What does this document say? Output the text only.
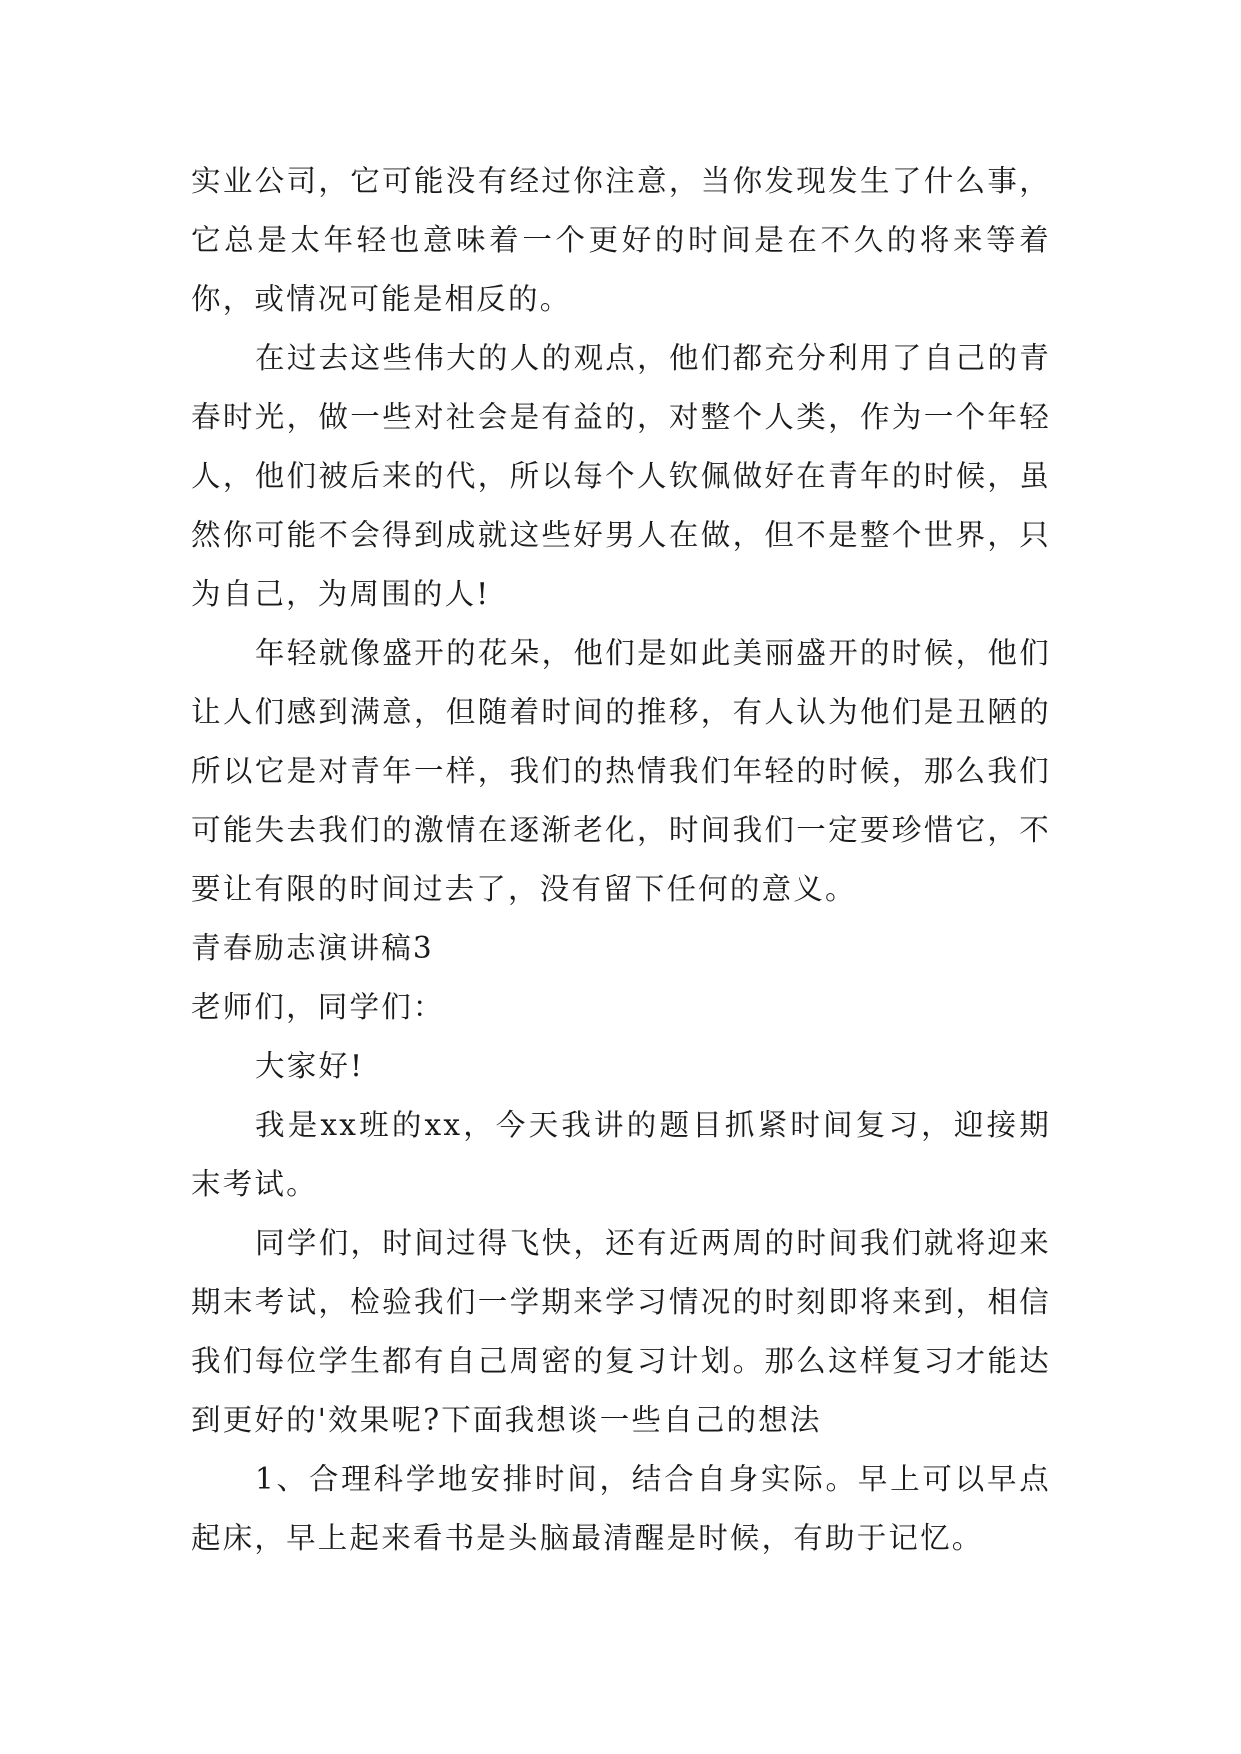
实业公司，它可能没有经过你注意，当你发现发生了什么事，它总是太年轻也意味着一个更好的时间是在不久的将来等着你，或情况可能是相反的。

在过去这些伟大的人的观点，他们都充分利用了自己的青春时光，做一些对社会是有益的，对整个人类，作为一个年轻人，他们被后来的代，所以每个人钦佩做好在青年的时候，虽然你可能不会得到成就这些好男人在做，但不是整个世界，只为自己，为周围的人!

年轻就像盛开的花朵，他们是如此美丽盛开的时候，他们让人们感到满意，但随着时间的推移，有人认为他们是丑陋的所以它是对青年一样，我们的热情我们年轻的时候，那么我们可能失去我们的激情在逐渐老化，时间我们一定要珍惜它，不要让有限的时间过去了，没有留下任何的意义。

青春励志演讲稿3

老师们，同学们：

大家好!

我是xx班的xx，今天我讲的题目抓紧时间复习，迎接期末考试。

同学们，时间过得飞快，还有近两周的时间我们就将迎来期末考试，检验我们一学期来学习情况的时刻即将来到，相信我们每位学生都有自己周密的复习计划。那么这样复习才能达到更好的'效果呢?下面我想谈一些自己的想法

1、合理科学地安排时间，结合自身实际。早上可以早点起床，早上起来看书是头脑最清醒是时候，有助于记忆。
